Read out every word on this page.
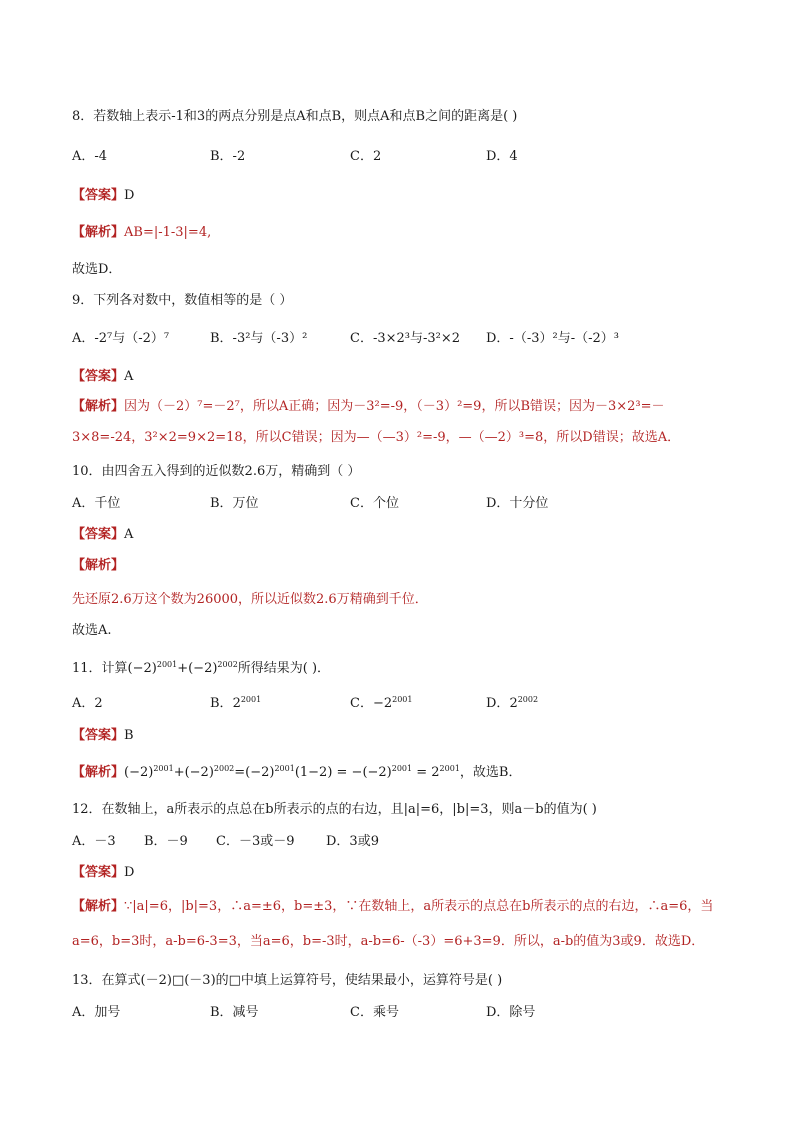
8．若数轴上表示-1和3的两点分别是点A和点B，则点A和点B之间的距离是( )
A．-4	B．-2	C．2	D．4
【答案】D
【解析】AB=|-1-3|=4,
故选D．
9．下列各对数中，数值相等的是（ ）
A．-2⁷与（-2）⁷	B．-3²与（-3）²	C．-3×2³与-3²×2 D．-（-3）²与-（-2）³
【答案】A
【解析】因为（－2）⁷=－2⁷，所以A正确；因为－3²=-9，（－3）²=9，所以B错误；因为－3×2³=－
3×8=-24，3²×2=9×2=18，所以C错误；因为—（—3）²=-9，—（—2）³=8，所以D错误；故选A．
10．由四舍五入得到的近似数2.6万，精确到（ ）
A．千位	B．万位	C．个位	D．十分位
【答案】A
【解析】
先还原2.6万这个数为26000，所以近似数2.6万精确到千位．
故选A.
11．计算$(-2)^{2001}+(-2)^{2002}$所得结果为( )．
A．2	B．$2^{2001}$	C．$-2^{2001}$	D．$2^{2002}$
【答案】B
【解析】$(-2)^{2001}+(-2)^{2002}=(-2)^{2001}(1-2) = -(-2)^{2001} = 2^{2001}$，故选B．
12．在数轴上，a所表示的点总在b所表示的点的右边，且|a|=6，|b|=3，则a－b的值为( )
A．－3 B．－9 C．－3或－9 D．3或9
【答案】D
【解析】∵|a|=6，|b|=3，∴a=±6，b=±3，∵在数轴上，a所表示的点总在b所表示的点的右边，∴a=6，当
a=6，b=3时，a-b=6-3=3，当a=6，b=-3时，a-b=6-（-3）=6+3=9．所以，a-b的值为3或9．故选D．
13．在算式(－2)□(－3)的□中填上运算符号，使结果最小，运算符号是( )
A．加号	B．减号	C．乘号	D．除号
